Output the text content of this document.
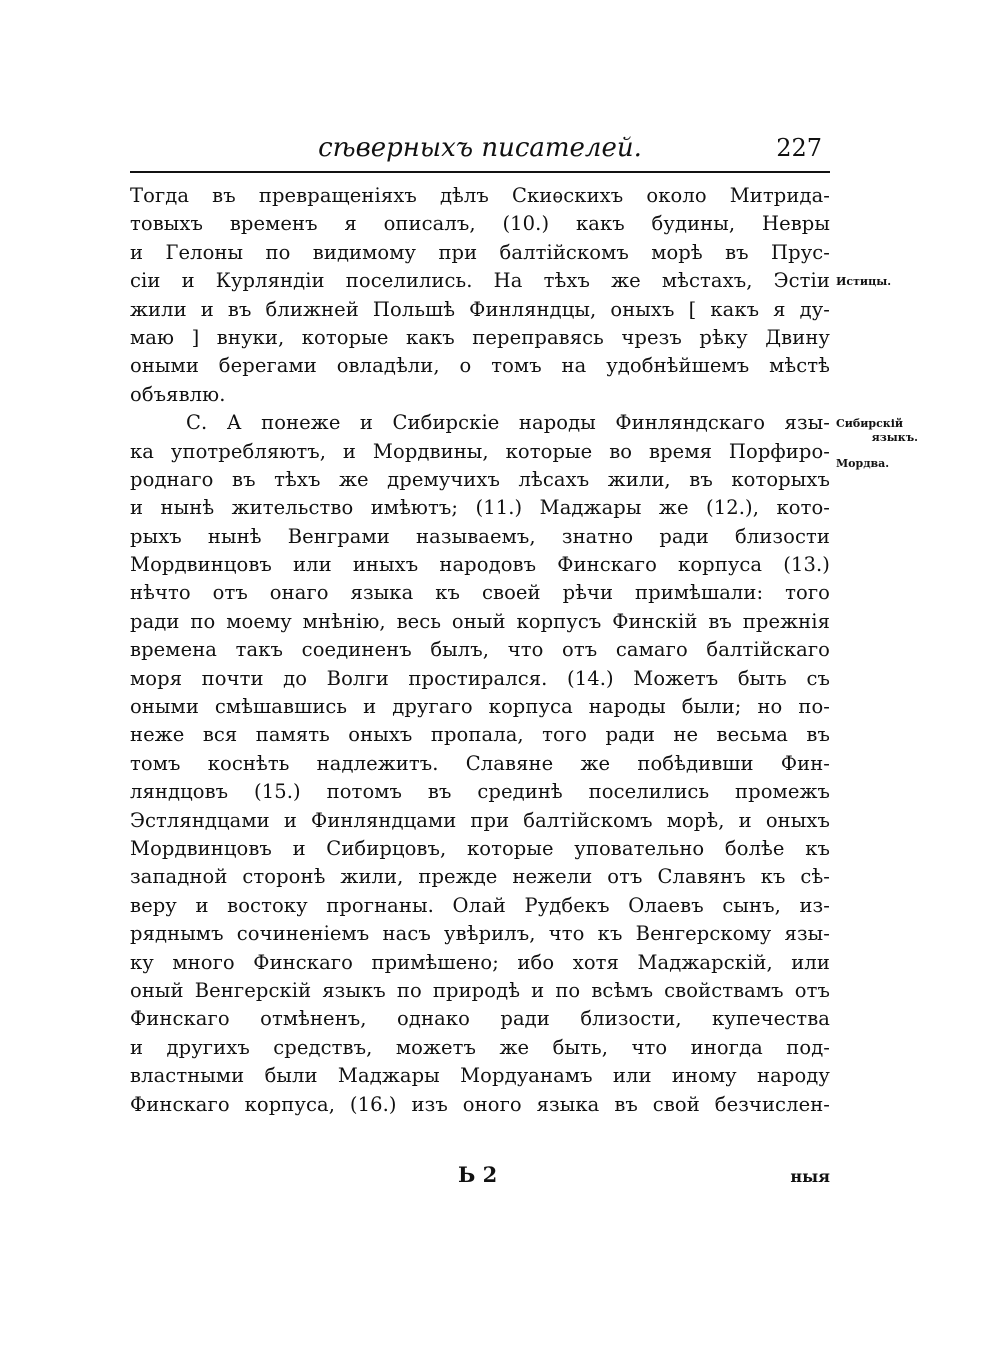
сѣверныхъ писателей.	227
Тогда въ превращеніяхъ дѣлъ Скиѳскихъ около Митрида-
товыхъ временъ я описалъ, (10.) какъ будины, Невры
и Гелоны по видимому при балтійскомъ морѣ въ Прус-
сіи и Курляндіи поселились. На тѣхъ же мѣстахъ, Эстіи
жили и въ ближней Польшѣ Финляндцы, оныхъ [ какъ я ду-
маю ] внуки, которые какъ переправясь чрезъ рѣку Двину
оными берегами овладѣли, о томъ на удобнѣйшемъ мѣстѣ
объявлю.
С. А понеже и Сибирскіе народы Финляндскаго язы-
ка употребляютъ, и Мордвины, которые во время Порфиро-
роднаго въ тѣхъ же дремучихъ лѣсахъ жили, въ которыхъ
и нынѣ жительство имѣютъ; (11.) Маджары же (12.), кото-
рыхъ нынѣ Венграми называемъ, знатно ради близости
Мордвинцовъ или иныхъ народовъ Финскаго корпуса (13.)
нѣчто отъ онаго языка къ своей рѣчи примѣшали: того
ради по моему мнѣнію, весь оный корпусъ Финскій въ прежнія
времена такъ соединенъ былъ, что отъ самаго балтійскаго
моря почти до Волги простирался. (14.) Можетъ быть съ
оными смѣшавшись и другаго корпуса народы были; но по-
неже вся память оныхъ пропала, того ради не весьма въ
томъ коснѣть надлежитъ. Славяне же побѣдивши Фин-
ляндцовъ (15.) потомъ въ срединѣ поселились промежъ
Эстляндцами и Финляндцами при балтійскомъ морѣ, и оныхъ
Мордвинцовъ и Сибирцовъ, которые уповательно болѣе къ
западной сторонѣ жили, прежде нежели отъ Славянъ къ сѣ-
веру и востоку прогнаны. Олай Рудбекъ Олаевъ сынъ, из-
ряднымъ сочиненіемъ насъ увѣрилъ, что къ Венгерскому язы-
ку много Финскаго примѣшено; ибо хотя Маджарскій, или
оный Венгерскій языкъ по природѣ и по всѣмъ свойствамъ отъ
Финскаго отмѣненъ, однако ради близости, купечества
и другихъ средствъ, можетъ же быть, что иногда под-
властными были Маджары Мордуанамъ или иному народу
Финскаго корпуса, (16.) изъ оного языка въ свой безчислен-
Истицы.
Сибирскій
языкъ.
Мордва.
Ь 2	ныя
